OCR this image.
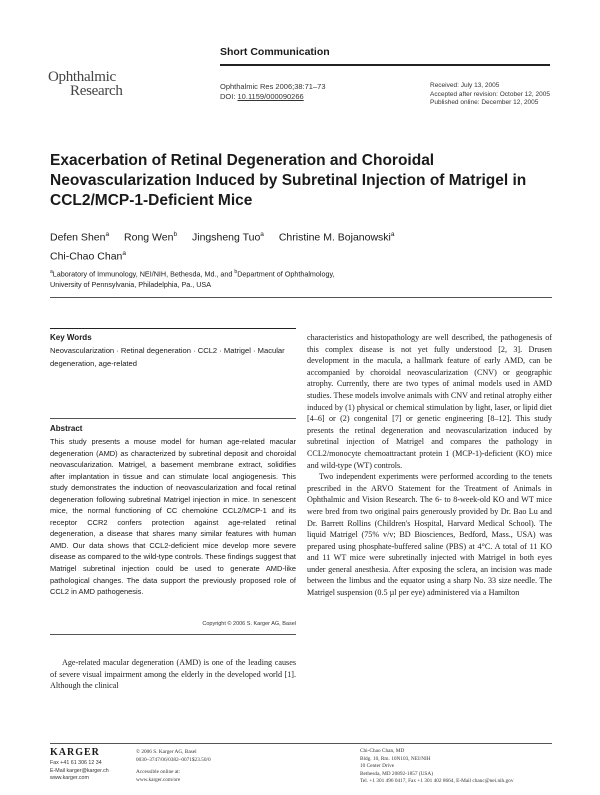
Short Communication
Ophthalmic
Research	Ophthalmic Res 2006;38:71–73
DOI: 10.1159/000090266
Received: July 13, 2005
Accepted after revision: October 12, 2005
Published online: December 12, 2005
Exacerbation of Retinal Degeneration and Choroidal Neovascularization Induced by Subretinal Injection of Matrigel in CCL2/MCP-1-Deficient Mice
Defen Shen$^a$ Rong Wen$^b$ Jingsheng Tuo$^a$ Christine M. Bojanowski$^a$
Chi-Chao Chan$^a$
$^a$Laboratory of Immunology, NEI/NIH, Bethesda, Md., and $^b$Department of Ophthalmology,
University of Pennsylvania, Philadelphia, Pa., USA
Key Words
Neovascularization · Retinal degeneration · CCL2 · Matrigel · Macular degeneration, age-related
Abstract
This study presents a mouse model for human age-related macular degeneration (AMD) as characterized by subretinal deposit and choroidal neovascularization. Matrigel, a basement membrane extract, solidifies after implantation in tissue and can stimulate local angiogenesis. This study demonstrates the induction of neovascularization and focal retinal degeneration following subretinal Matrigel injection in mice. In senescent mice, the normal functioning of CC chemokine CCL2/MCP-1 and its receptor CCR2 confers protection against age-related retinal degeneration, a disease that shares many similar features with human AMD. Our data shows that CCL2-deficient mice develop more severe disease as compared to the wild-type controls. These findings suggest that Matrigel subretinal injection could be used to generate AMD-like pathological changes. The data support the previously proposed role of CCL2 in AMD pathogenesis.
Copyright © 2006 S. Karger AG, Basel
Age-related macular degeneration (AMD) is one of the leading causes of severe visual impairment among the elderly in the developed world [1]. Although the clinical

characteristics and histopathology are well described, the pathogenesis of this complex disease is not yet fully understood [2, 3]. Drusen development in the macula, a hallmark feature of early AMD, can be accompanied by choroidal neovascularization (CNV) or geographic atrophy. Currently, there are two types of animal models used in AMD studies. These models involve animals with CNV and retinal atrophy either induced by (1) physical or chemical stimulation by light, laser, or lipid diet [4–6] or (2) congenital [7] or genetic engineering [8–12]. This study presents the retinal degeneration and neovascularization induced by subretinal injection of Matrigel and compares the pathology in CCL2/monocyte chemoattractant protein 1 (MCP-1)-deficient (KO) mice and wild-type (WT) controls.

Two independent experiments were performed according to the tenets prescribed in the ARVO Statement for the Treatment of Animals in Ophthalmic and Vision Research. The 6- to 8-week-old KO and WT mice were bred from two original pairs generously provided by Dr. Bao Lu and Dr. Barrett Rollins (Children's Hospital, Harvard Medical School). The liquid Matrigel (75% v/v; BD Biosciences, Bedford, Mass., USA) was prepared using phosphate-buffered saline (PBS) at 4°C. A total of 11 KO and 11 WT mice were subretinally injected with Matrigel in both eyes under general anesthesia. After exposing the sclera, an incision was made between the limbus and the equator using a sharp No. 33 size needle. The Matrigel suspension (0.5 µl per eye) administered via a Hamilton

KARGER
Fax +41 61 306 12 34
E-Mail karger@karger.ch
www.karger.com
© 2006 S. Karger AG, Basel
0030–3747/06/0382–0071$23.50/0
Accessible online at:
www.karger.com/ore
Chi-Chao Chan, MD
Bldg. 10, Rm. 10N103, NEI/NIH
10 Center Drive
Bethesda, MD 20892-1857 (USA)
Tel. +1 301 496 0417, Fax +1 301 402 8664, E-Mail chanc@nei.nih.gov
